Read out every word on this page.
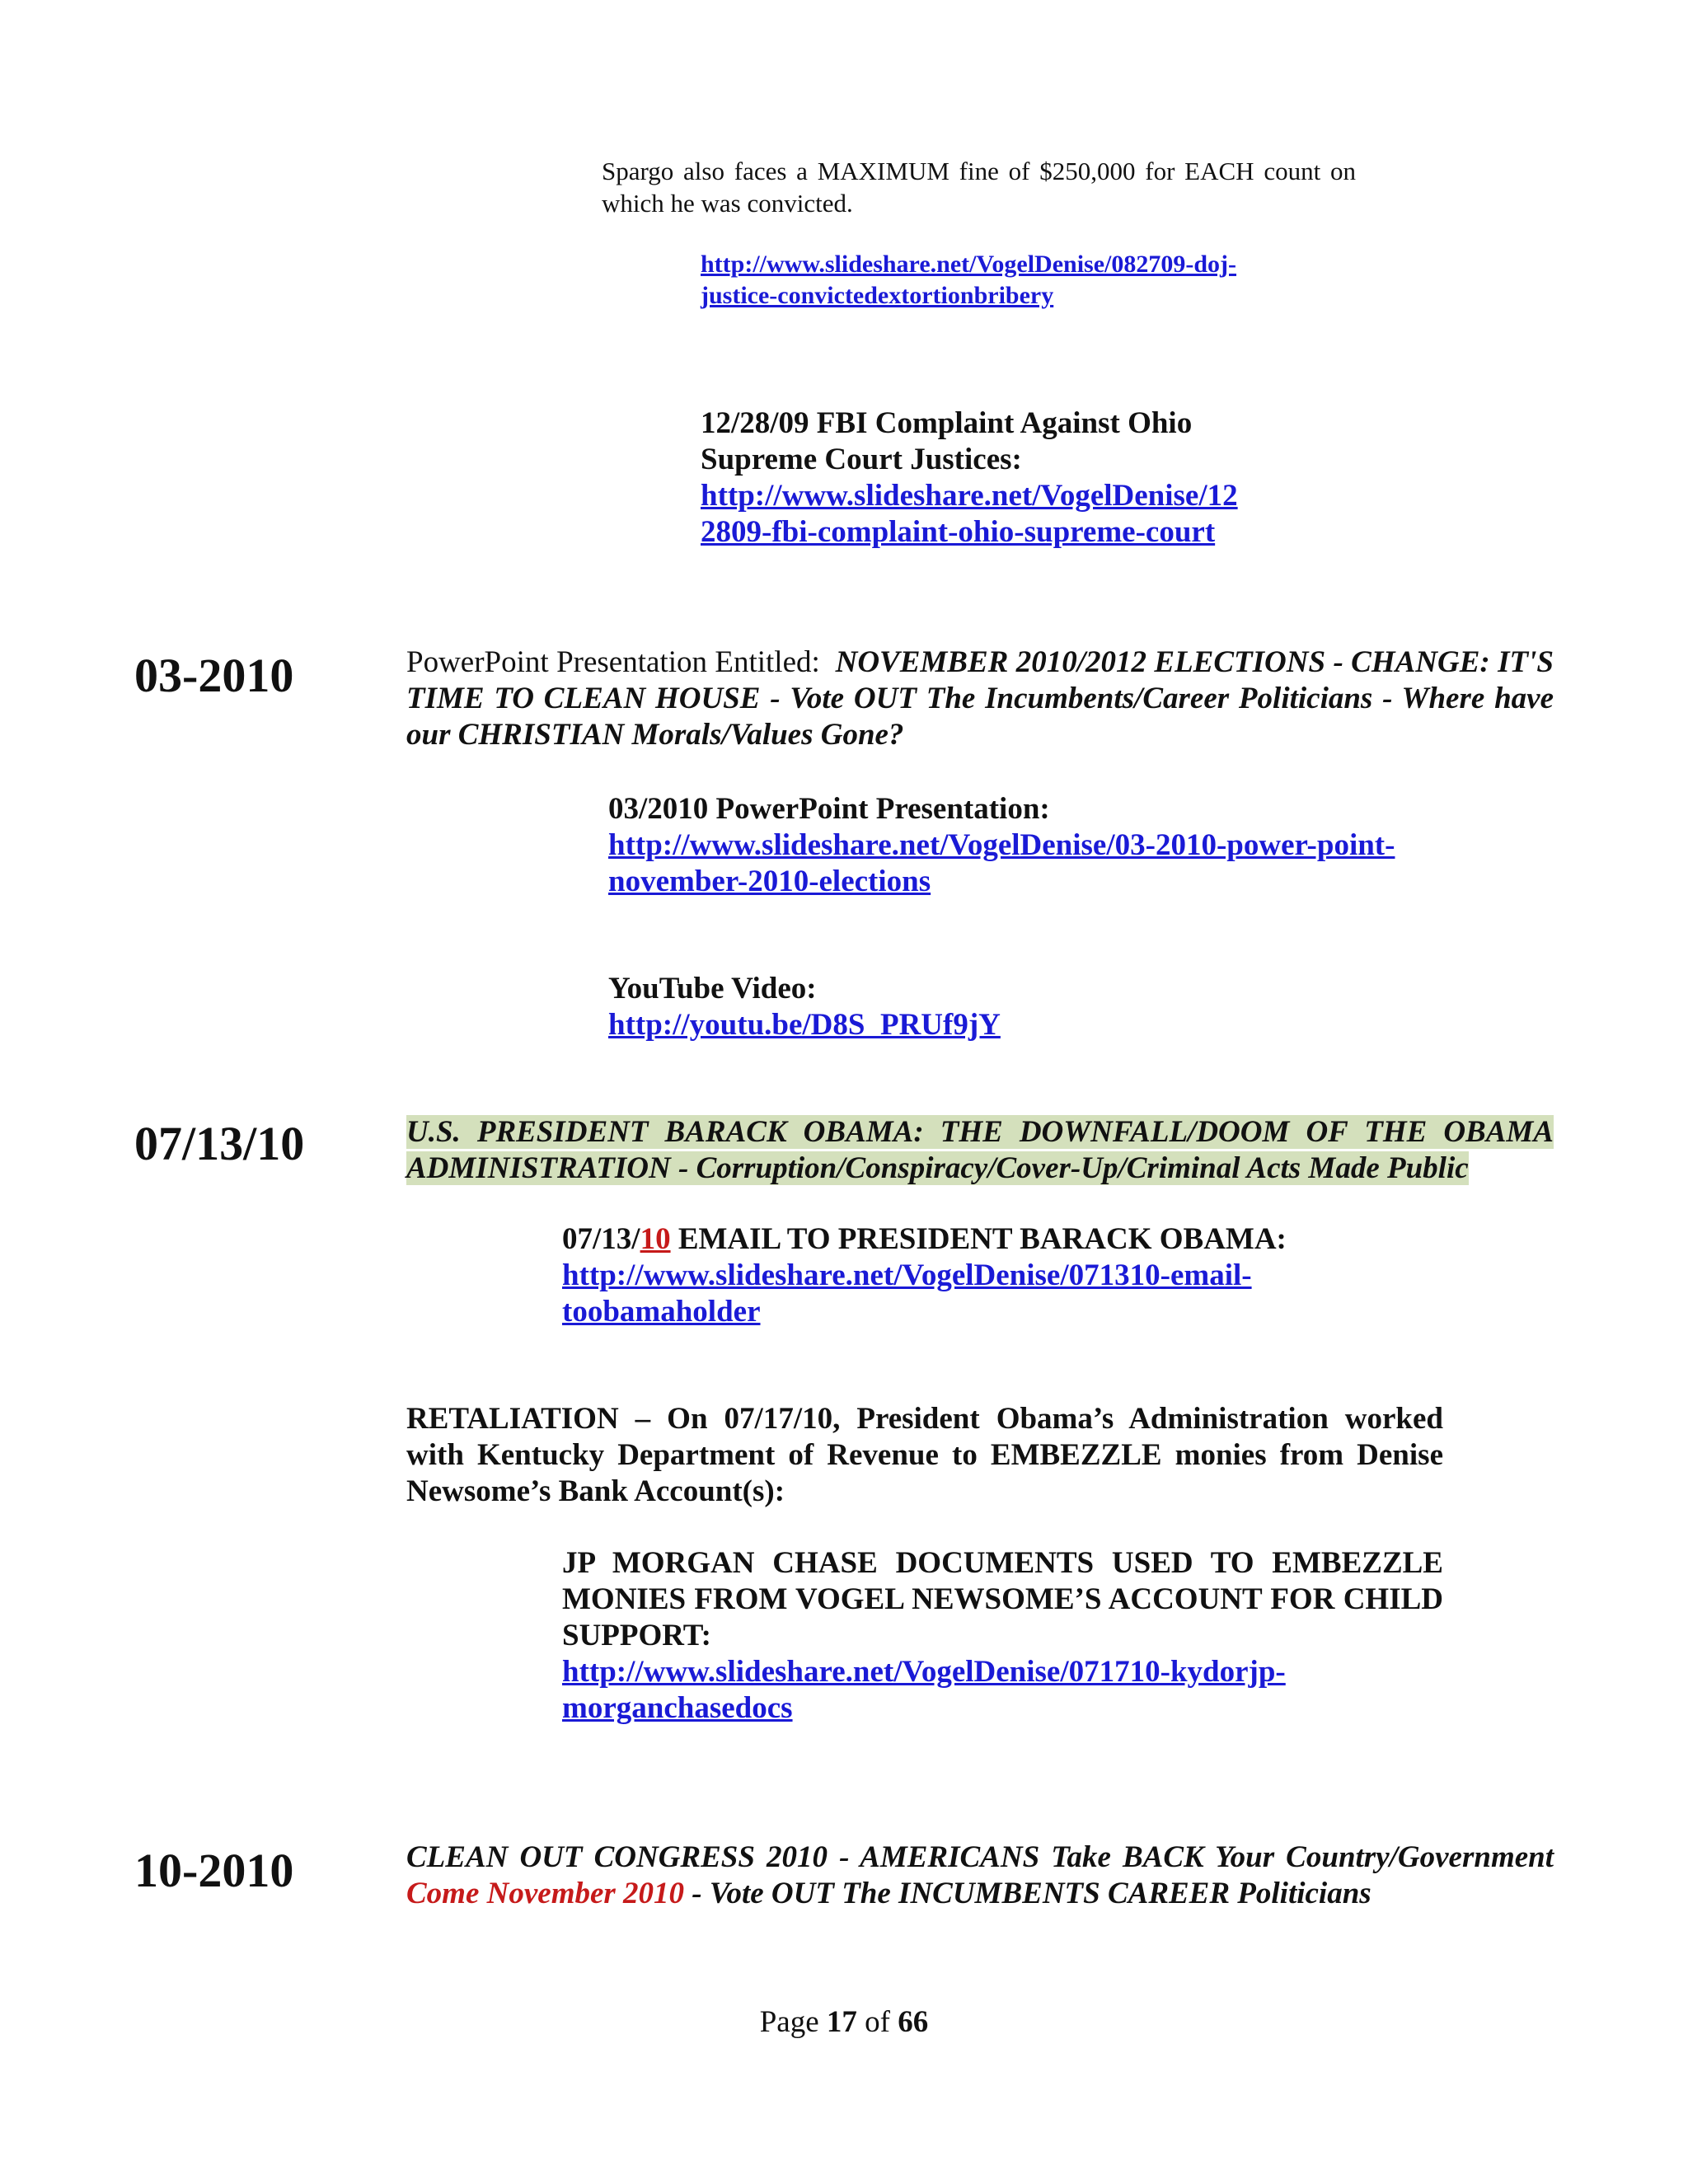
Spargo also faces a MAXIMUM fine of $250,000 for EACH count on which he was convicted.
http://www.slideshare.net/VogelDenise/082709-doj-
justice-convictedextortionbribery
12/28/09 FBI Complaint Against Ohio
Supreme Court Justices:
http://www.slideshare.net/VogelDenise/12
2809-fbi-complaint-ohio-supreme-court
03-2010	PowerPoint Presentation Entitled: NOVEMBER 2010/2012 ELECTIONS - CHANGE: IT'S TIME TO CLEAN HOUSE - Vote OUT The Incumbents/Career Politicians - Where have our CHRISTIAN Morals/Values Gone?
03/2010 PowerPoint Presentation:
http://www.slideshare.net/VogelDenise/03-2010-power-point-
november-2010-elections
YouTube Video:
http://youtu.be/D8S_PRUf9jY
07/13/10	U.S. PRESIDENT BARACK OBAMA: THE DOWNFALL/DOOM OF THE OBAMA
ADMINISTRATION - Corruption/Conspiracy/Cover-Up/Criminal Acts Made Public
07/13/10 EMAIL TO PRESIDENT BARACK OBAMA:
http://www.slideshare.net/VogelDenise/071310-email-
toobamaholder
RETALIATION – On 07/17/10, President Obama’s Administration worked with Kentucky Department of Revenue to EMBEZZLE monies from Denise Newsome’s Bank Account(s):
JP MORGAN CHASE DOCUMENTS USED TO EMBEZZLE MONIES FROM VOGEL NEWSOME’S ACCOUNT FOR CHILD SUPPORT:
http://www.slideshare.net/VogelDenise/071710-kydorjp-
morganchasedocs
10-2010	CLEAN OUT CONGRESS 2010 - AMERICANS Take BACK Your Country/Government Come November 2010 - Vote OUT The INCUMBENTS CAREER Politicians
Page 17 of 66
